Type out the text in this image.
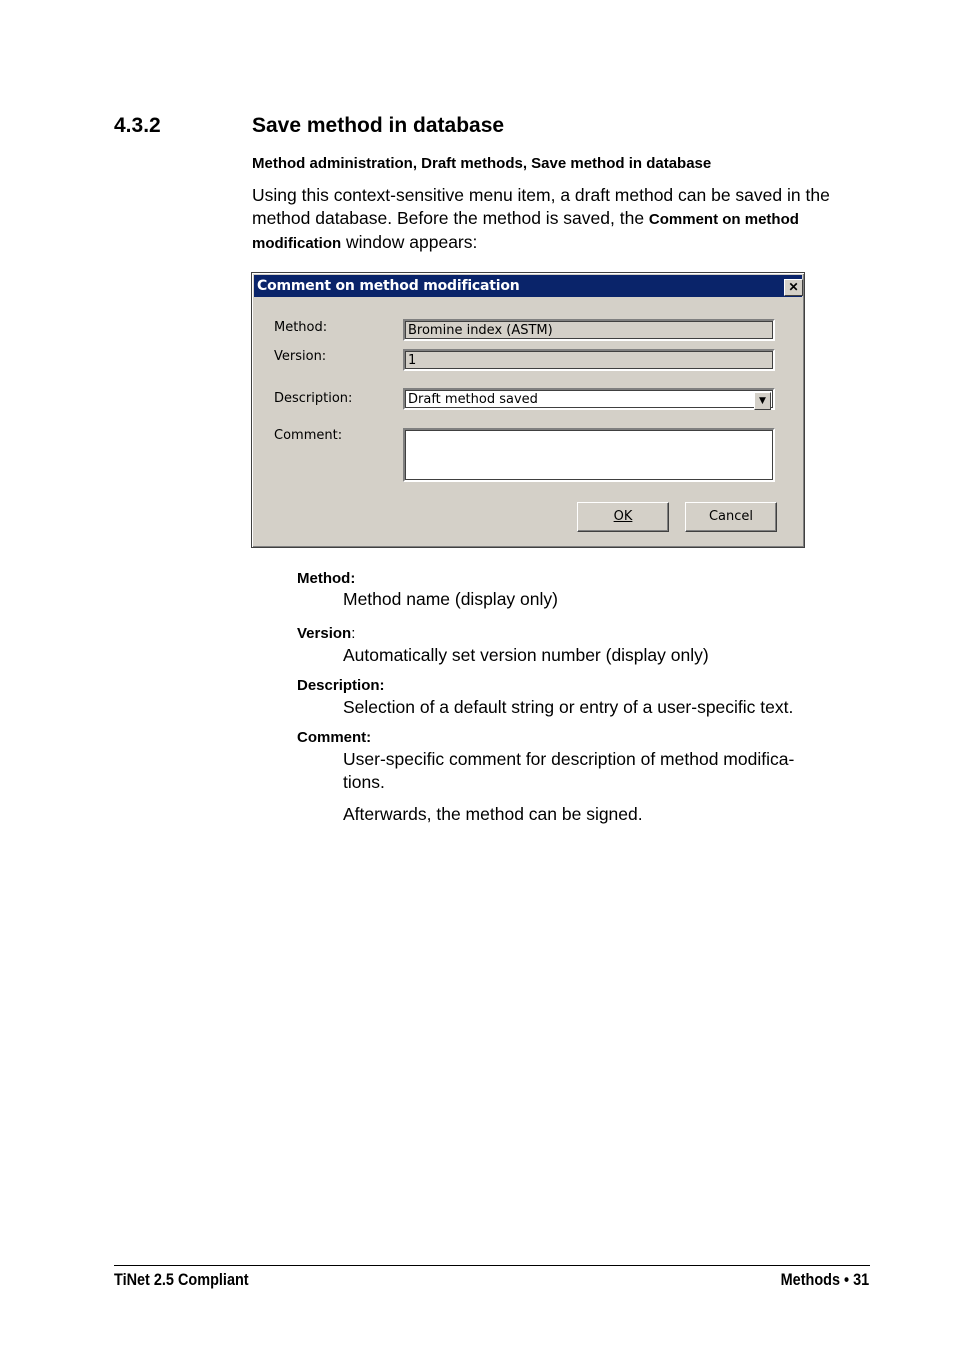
4.3.2	Save method in database
Method administration, Draft methods, Save method in database
Using this context-sensitive menu item, a draft method can be saved in the method database. Before the method is saved, the Comment on method modification window appears:
Comment on method modification	✕
Method:	Bromine index (ASTM)
Version:	1
Description:	Draft method saved	▼
Comment:
OK	Cancel
Method:
Method name (display only)
Version:
Automatically set version number (display only)
Description:
Selection of a default string or entry of a user-specific text.
Comment:
User-specific comment for description of method modifica-
tions.
Afterwards, the method can be signed.
TiNet 2.5 Compliant	Methods • 31
